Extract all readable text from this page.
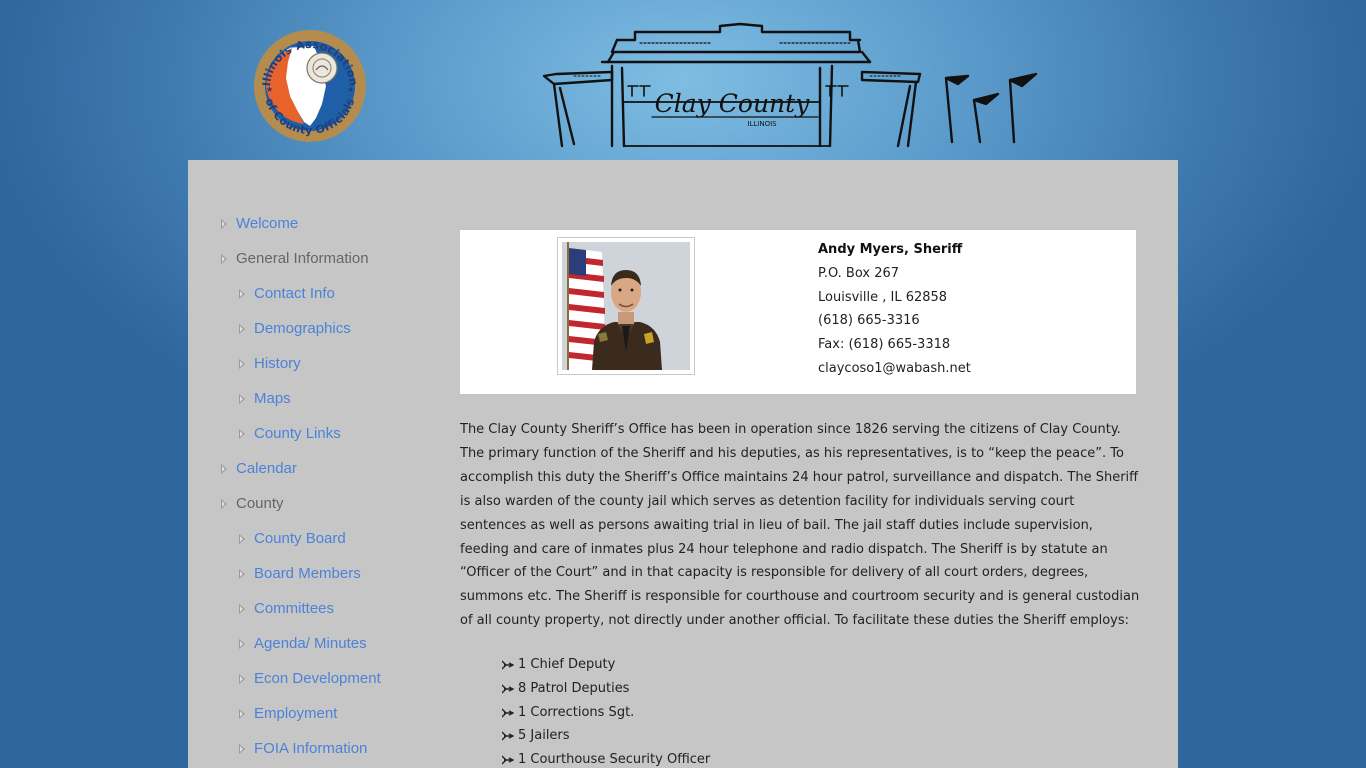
Illinois Association
of County Officials
★	★	Clay County
ILLINOIS
Welcome
General Information
Contact Info
Demographics
History
Maps
County Links
Calendar
County
County Board
Board Members
Committees
Agenda/ Minutes
Econ Development
Employment
FOIA Information
Andy Myers, Sheriff
P.O. Box 267
Louisville , IL 62858
(618) 665-3316
Fax: (618) 665-3318
claycoso1@wabash.net

The Clay County Sheriff’s Office has been in operation since 1826 serving the citizens of Clay County. The primary function of the Sheriff and his deputies, as his representatives, is to “keep the peace”. To accomplish this duty the Sheriff’s Office maintains 24 hour patrol, surveillance and dispatch. The Sheriff is also warden of the county jail which serves as detention facility for individuals serving court sentences as well as persons awaiting trial in lieu of bail. The jail staff duties include supervision, feeding and care of inmates plus 24 hour telephone and radio dispatch. The Sheriff is by statute an “Officer of the Court” and in that capacity is responsible for delivery of all court orders, degrees, summons etc. The Sheriff is responsible for courthouse and courtroom security and is general custodian of all county property, not directly under another official. To facilitate these duties the Sheriff employs:

1 Chief Deputy
8 Patrol Deputies
1 Corrections Sgt.
5 Jailers
1 Courthouse Security Officer
